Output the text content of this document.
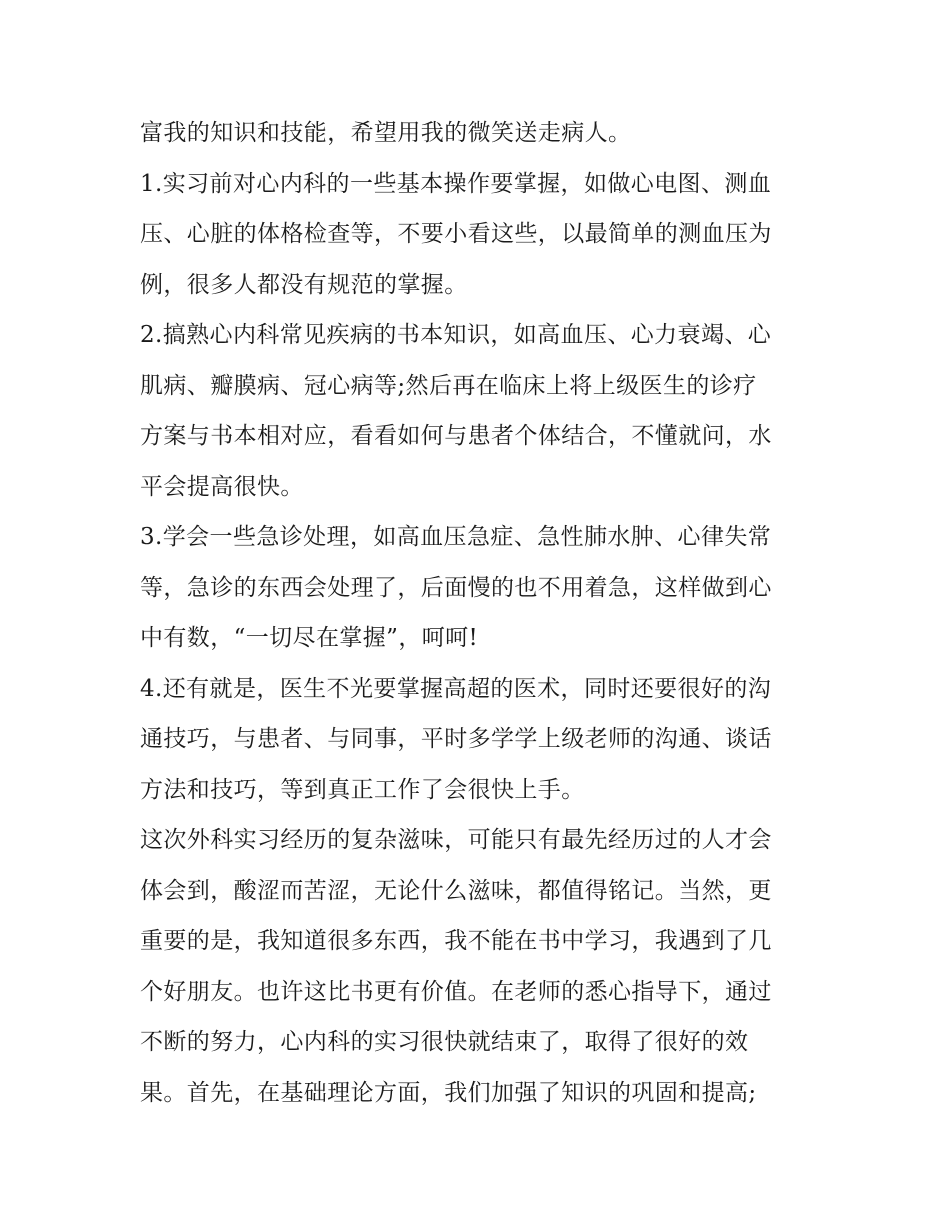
富我的知识和技能，希望用我的微笑送走病人。
1.实习前对心内科的一些基本操作要掌握，如做心电图、测血
压、心脏的体格检查等，不要小看这些，以最简单的测血压为
例，很多人都没有规范的掌握。
2.搞熟心内科常见疾病的书本知识，如高血压、心力衰竭、心
肌病、瓣膜病、冠心病等;然后再在临床上将上级医生的诊疗
方案与书本相对应，看看如何与患者个体结合，不懂就问，水
平会提高很快。
3.学会一些急诊处理，如高血压急症、急性肺水肿、心律失常
等，急诊的东西会处理了，后面慢的也不用着急，这样做到心
中有数，“一切尽在掌握”，呵呵!
4.还有就是，医生不光要掌握高超的医术，同时还要很好的沟
通技巧，与患者、与同事，平时多学学上级老师的沟通、谈话
方法和技巧，等到真正工作了会很快上手。
这次外科实习经历的复杂滋味，可能只有最先经历过的人才会
体会到，酸涩而苦涩，无论什么滋味，都值得铭记。当然，更
重要的是，我知道很多东西，我不能在书中学习，我遇到了几
个好朋友。也许这比书更有价值。在老师的悉心指导下，通过
不断的努力，心内科的实习很快就结束了，取得了很好的效
果。首先，在基础理论方面，我们加强了知识的巩固和提高;
